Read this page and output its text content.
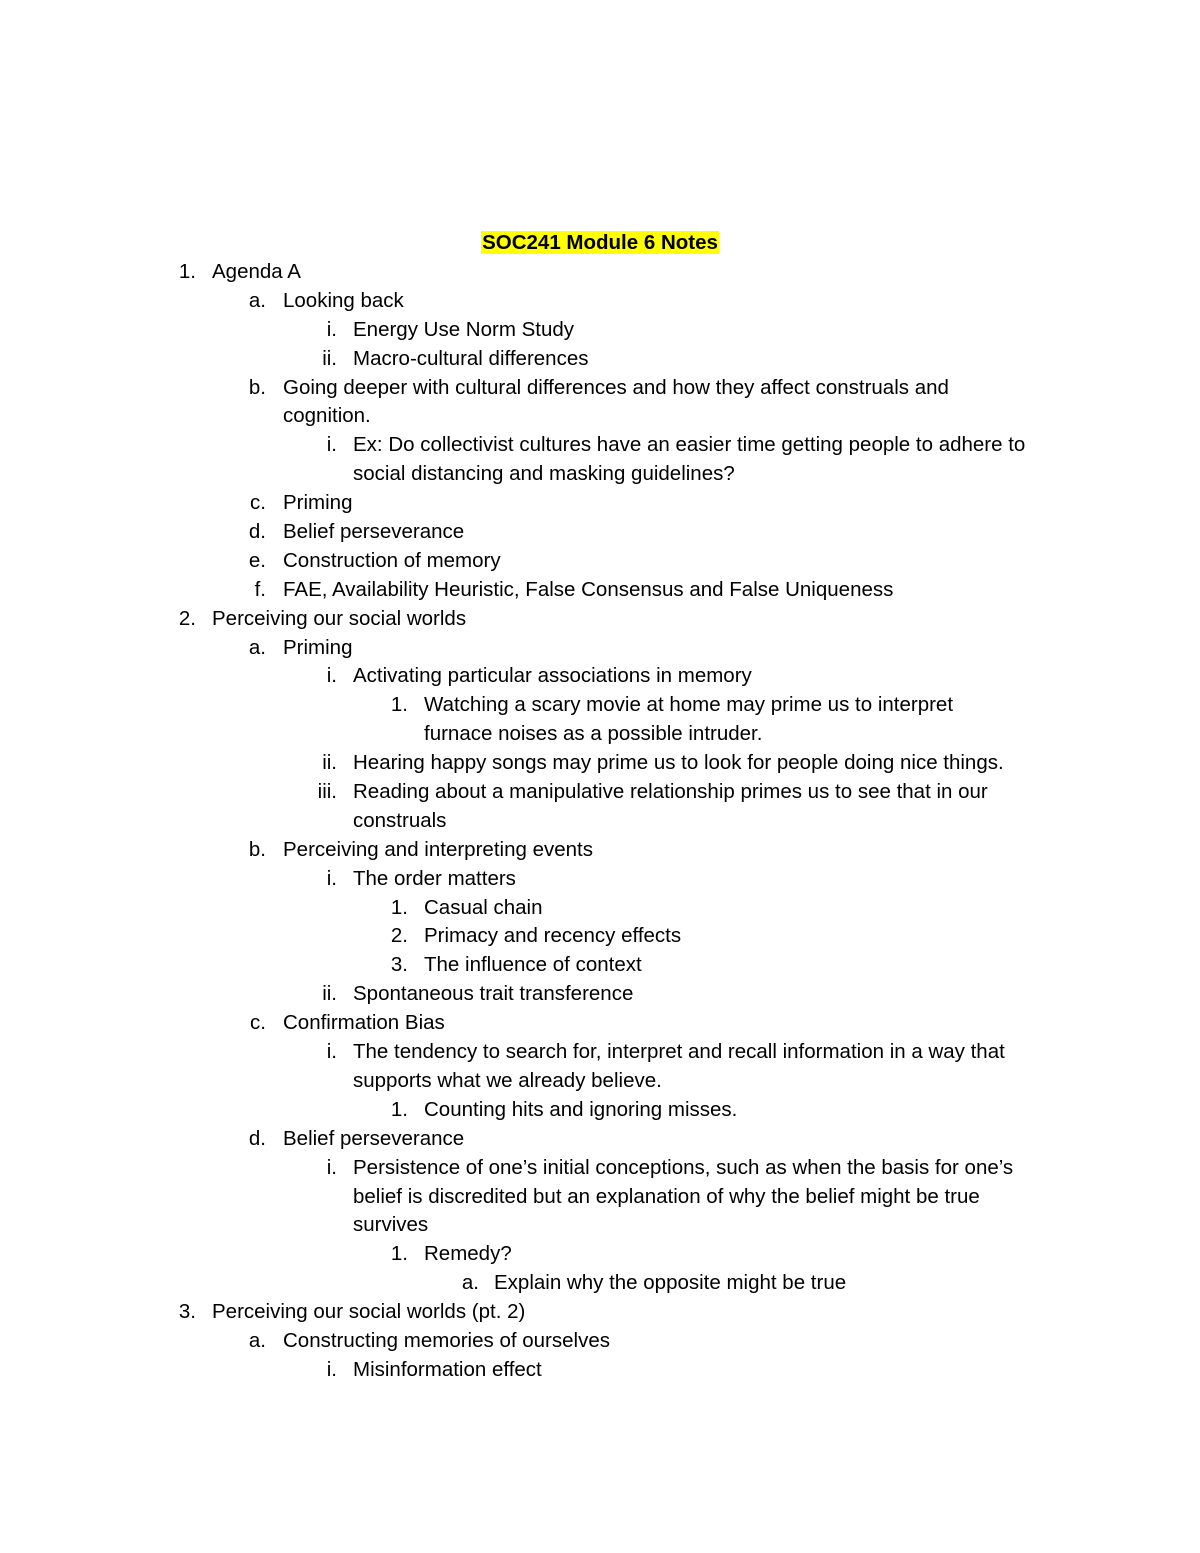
SOC241 Module 6 Notes
1. Agenda A
a. Looking back
i. Energy Use Norm Study
ii. Macro-cultural differences
b. Going deeper with cultural differences and how they affect construals and
cognition.
i. Ex: Do collectivist cultures have an easier time getting people to adhere to
social distancing and masking guidelines?
c. Priming
d. Belief perseverance
e. Construction of memory
f. FAE, Availability Heuristic, False Consensus and False Uniqueness
2. Perceiving our social worlds
a. Priming
i. Activating particular associations in memory
1. Watching a scary movie at home may prime us to interpret
furnace noises as a possible intruder.
ii. Hearing happy songs may prime us to look for people doing nice things.
iii. Reading about a manipulative relationship primes us to see that in our
construals
b. Perceiving and interpreting events
i. The order matters
1. Casual chain
2. Primacy and recency effects
3. The influence of context
ii. Spontaneous trait transference
c. Confirmation Bias
i. The tendency to search for, interpret and recall information in a way that
supports what we already believe.
1. Counting hits and ignoring misses.
d. Belief perseverance
i. Persistence of one’s initial conceptions, such as when the basis for one’s
belief is discredited but an explanation of why the belief might be true
survives
1. Remedy?
a. Explain why the opposite might be true
3. Perceiving our social worlds (pt. 2)
a. Constructing memories of ourselves
i. Misinformation effect
